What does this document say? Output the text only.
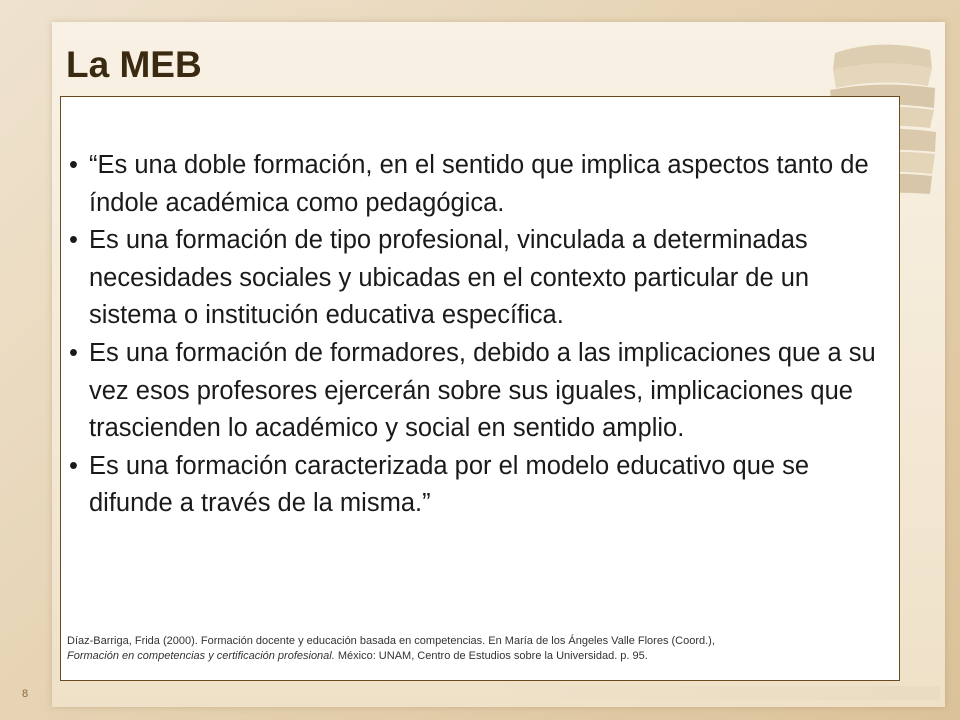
La MEB
• “Es una doble formación, en el sentido que implica aspectos tanto de índole académica como pedagógica.
• Es una formación de tipo profesional, vinculada a determinadas necesidades sociales y ubicadas en el contexto particular de un sistema o institución educativa específica.
• Es una formación de formadores, debido a las implicaciones que a su vez esos profesores ejercerán sobre sus iguales, implicaciones que trascienden lo académico y social en sentido amplio.
• Es una formación caracterizada por el modelo educativo que se difunde a través de la misma.”
Díaz-Barriga, Frida (2000). Formación docente y educación basada en competencias. En María de los Ángeles Valle Flores (Coord.),
Formación en competencias y certificación profesional. México: UNAM, Centro de Estudios sobre la Universidad. p. 95.
8
